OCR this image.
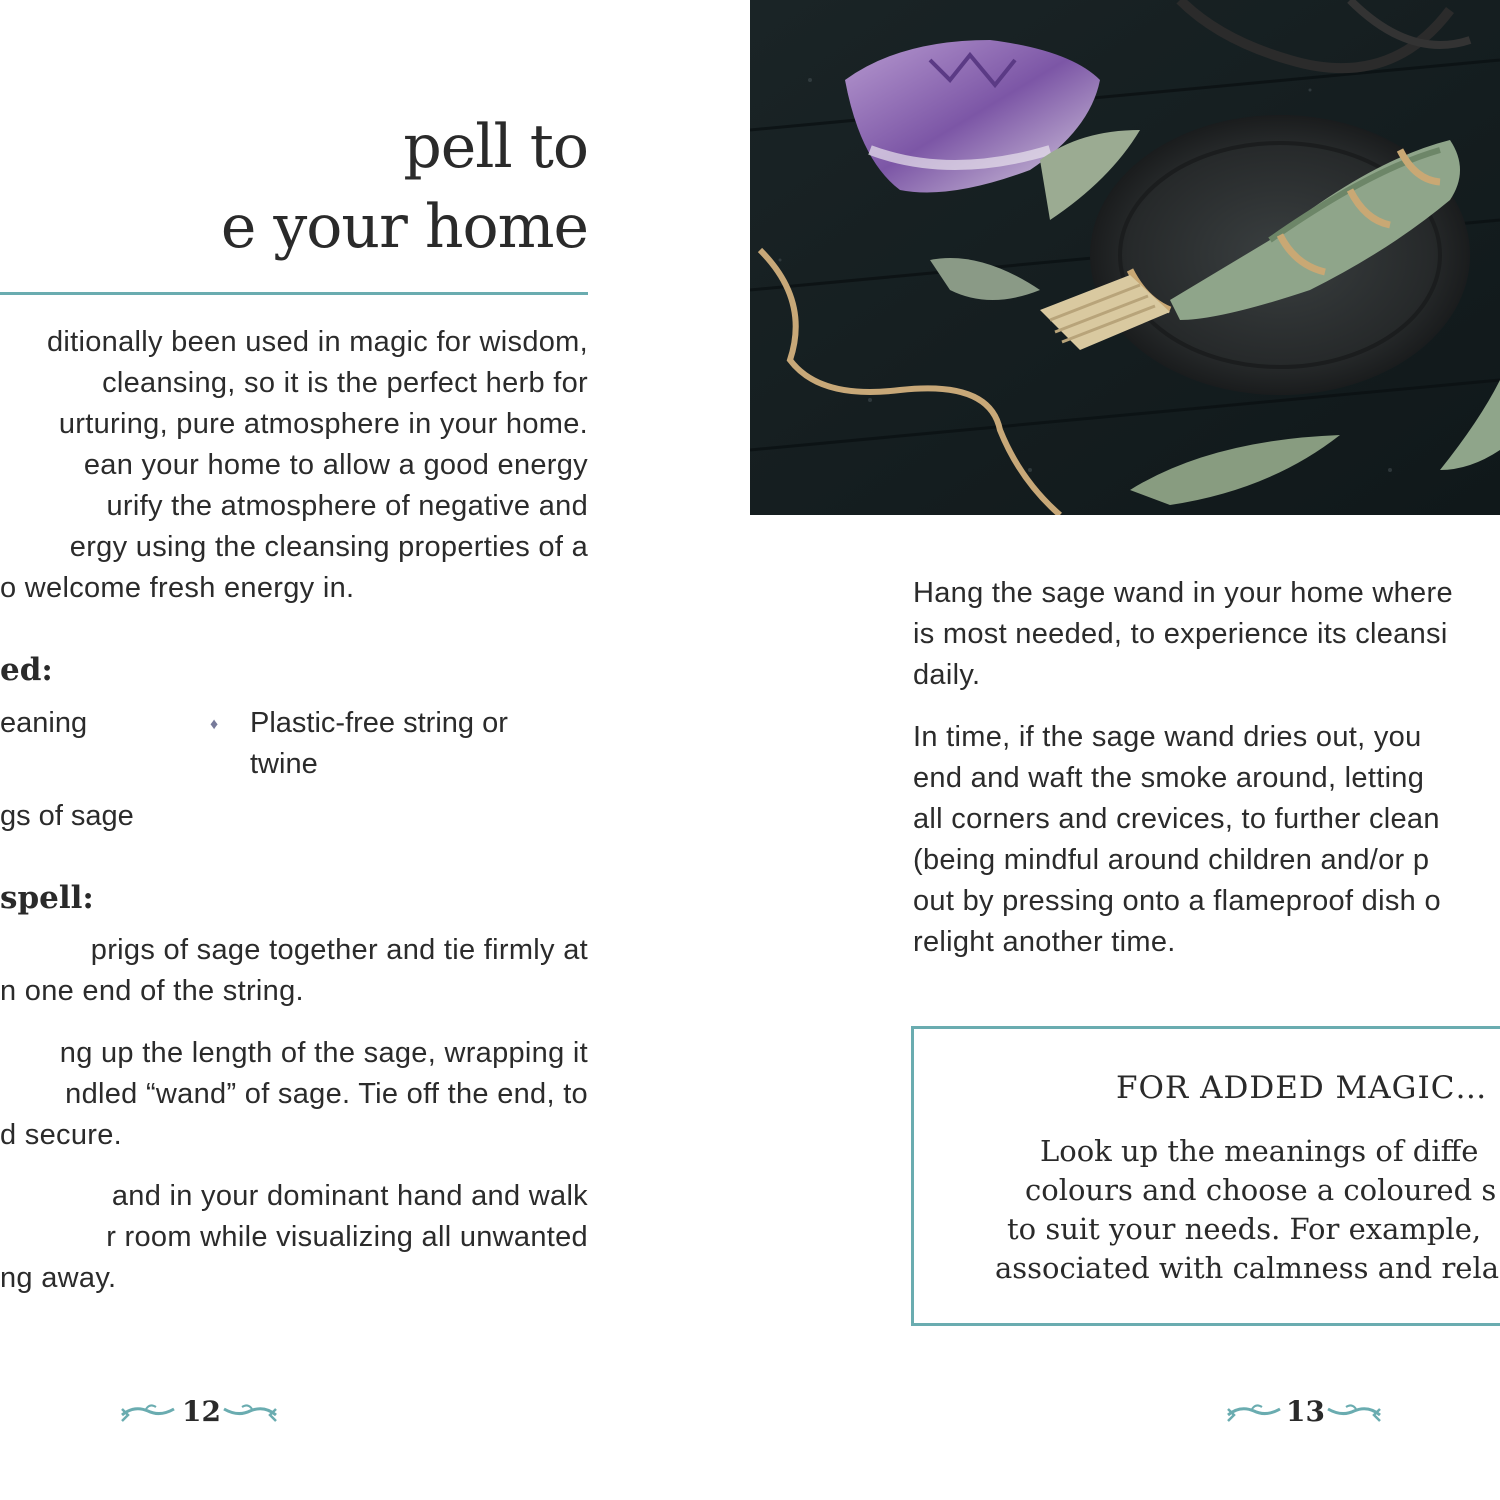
pell to
e your home
ditionally been used in magic for wisdom,
cleansing, so it is the perfect herb for
urturing, pure atmosphere in your home.
ean your home to allow a good energy
urify the atmosphere of negative and
ergy using the cleansing properties of a
o welcome fresh energy in.
ed:
eaning
gs of sage
♦ Plastic-free string or
twine
spell:
prigs of sage together and tie firmly at
n one end of the string.
ng up the length of the sage, wrapping it
ndled “wand” of sage. Tie off the end, to
d secure.
and in your dominant hand and walk
r room while visualizing all unwanted
ng away.
12
Hang the sage wand in your home where
is most needed, to experience its cleansi
daily.
In time, if the sage wand dries out, you
end and waft the smoke around, letting
all corners and crevices, to further clean
(being mindful around children and/or p
out by pressing onto a flameproof dish o
relight another time.
FOR ADDED MAGIC…
Look up the meanings of diffe
colours and choose a coloured s
to suit your needs. For example,
associated with calmness and rela
13
